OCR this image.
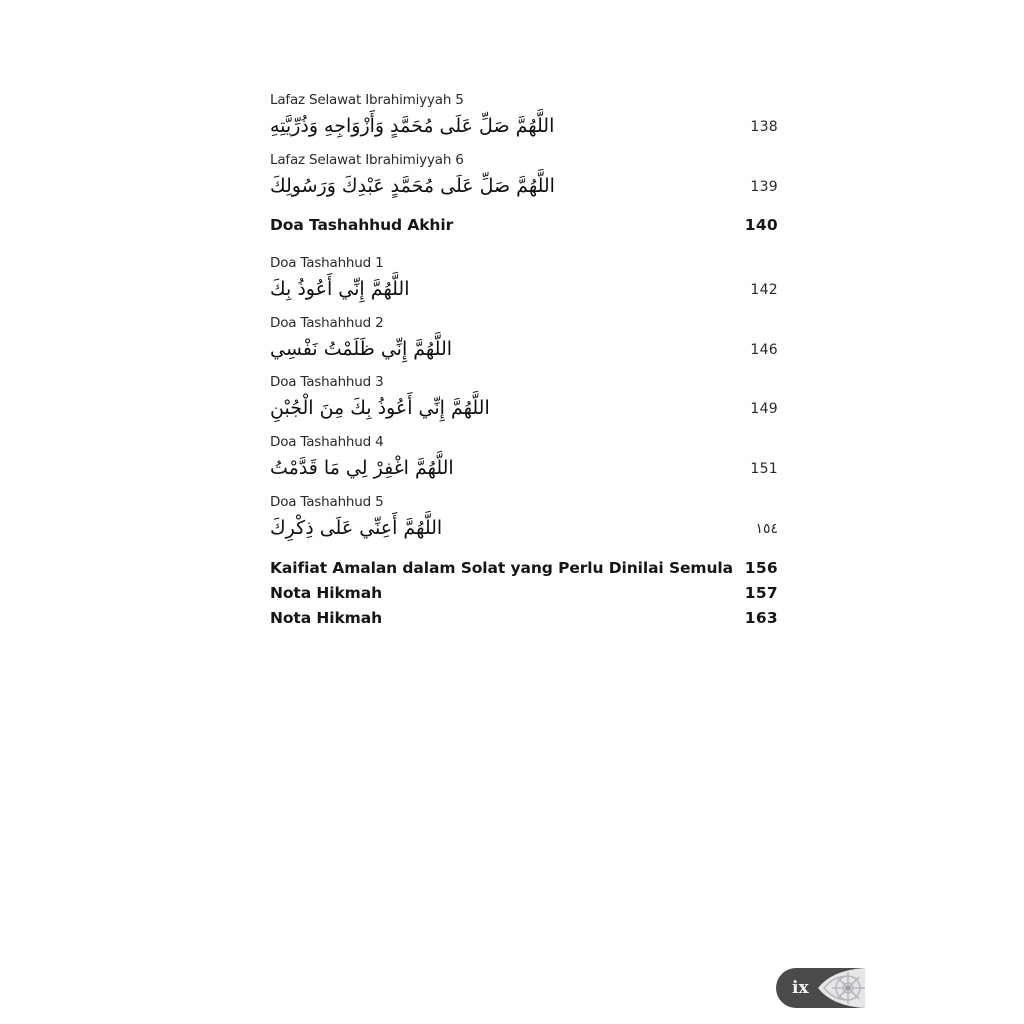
Lafaz Selawat Ibrahimiyyah 5
اللَّهُمَّ صَلِّ عَلَى مُحَمَّدٍ وَأَزْوَاجِهِ وَذُرِّيَّتِهِ	138
Lafaz Selawat Ibrahimiyyah 6
اللَّهُمَّ صَلِّ عَلَى مُحَمَّدٍ عَبْدِكَ وَرَسُولِكَ	139
Doa Tashahhud Akhir	140
Doa Tashahhud 1
اللَّهُمَّ إِنِّي أَعُوذُ بِكَ	142
Doa Tashahhud 2
اللَّهُمَّ إِنِّي ظَلَمْتُ نَفْسِي	146
Doa Tashahhud 3
اللَّهُمَّ إِنِّي أَعُوذُ بِكَ مِنَ الْجُبْنِ	149
Doa Tashahhud 4
اللَّهُمَّ اغْفِرْ لِي مَا قَدَّمْتُ	151
Doa Tashahhud 5
اللَّهُمَّ أَعِنِّي عَلَى ذِكْرِكَ	١٥٤
Kaifiat Amalan dalam Solat yang Perlu Dinilai Semula 156
Nota Hikmah	157
Nota Hikmah	163
ix
